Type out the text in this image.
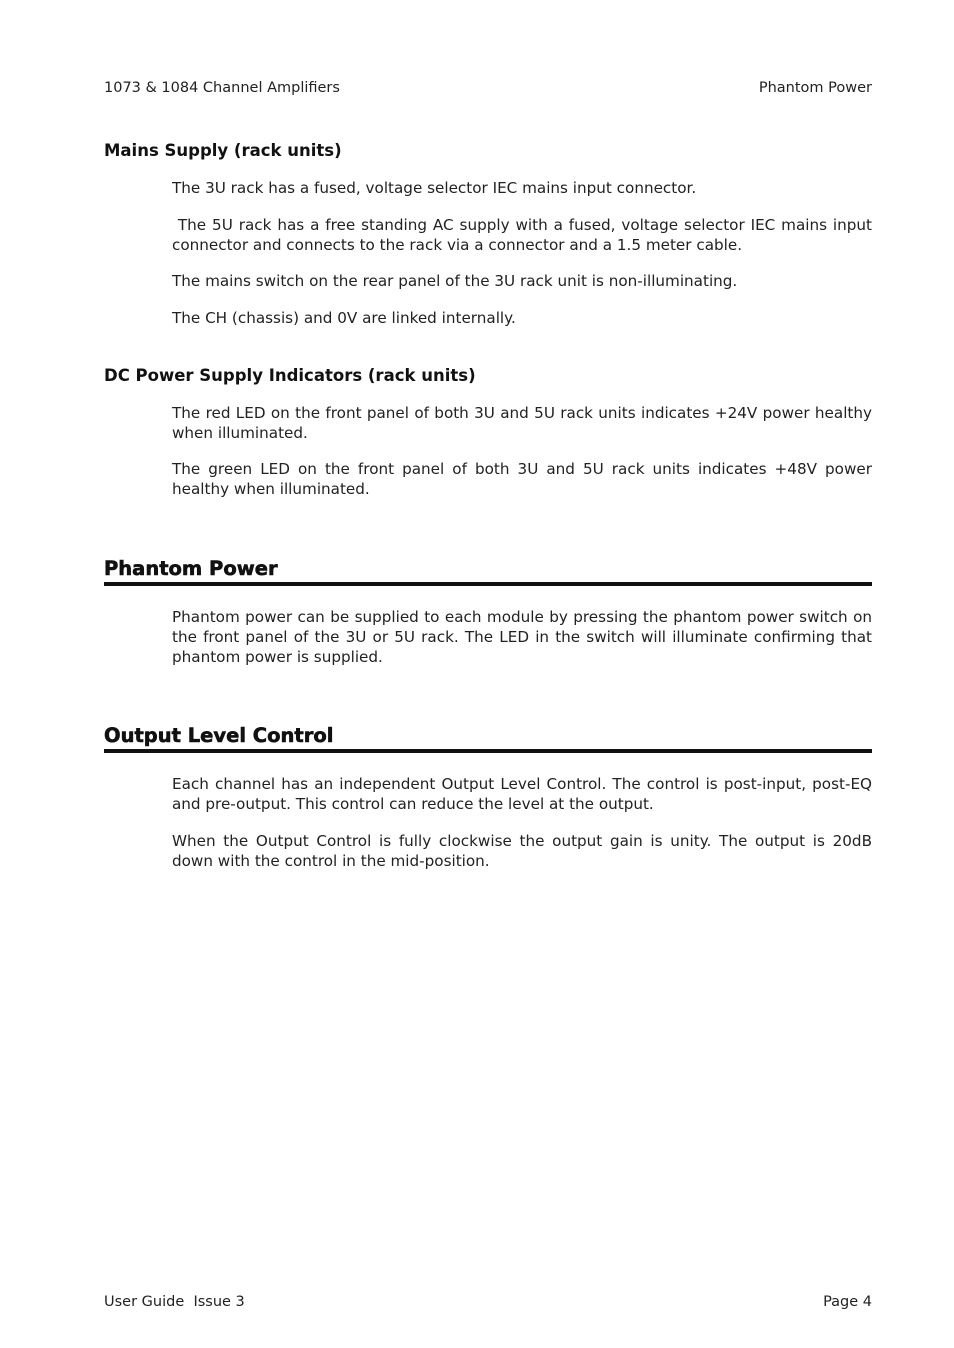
1073 & 1084 Channel Amplifiers	Phantom Power
Mains Supply (rack units)
The 3U rack has a fused, voltage selector IEC mains input connector.
The 5U rack has a free standing AC supply with a fused, voltage selector IEC mains input connector and connects to the rack via a connector and a 1.5 meter cable.
The mains switch on the rear panel of the 3U rack unit is non-illuminating.
The CH (chassis) and 0V are linked internally.
DC Power Supply Indicators (rack units)
The red LED on the front panel of both 3U and 5U rack units indicates +24V power healthy when illuminated.
The green LED on the front panel of both 3U and 5U rack units indicates +48V power healthy when illuminated.
Phantom Power
Phantom power can be supplied to each module by pressing the phantom power switch on the front panel of the 3U or 5U rack. The LED in the switch will illuminate confirming that phantom power is supplied.
Output Level Control
Each channel has an independent Output Level Control. The control is post-input, post-EQ and pre-output. This control can reduce the level at the output.
When the Output Control is fully clockwise the output gain is unity. The output is 20dB down with the control in the mid-position.
User Guide  Issue 3	Page 4
